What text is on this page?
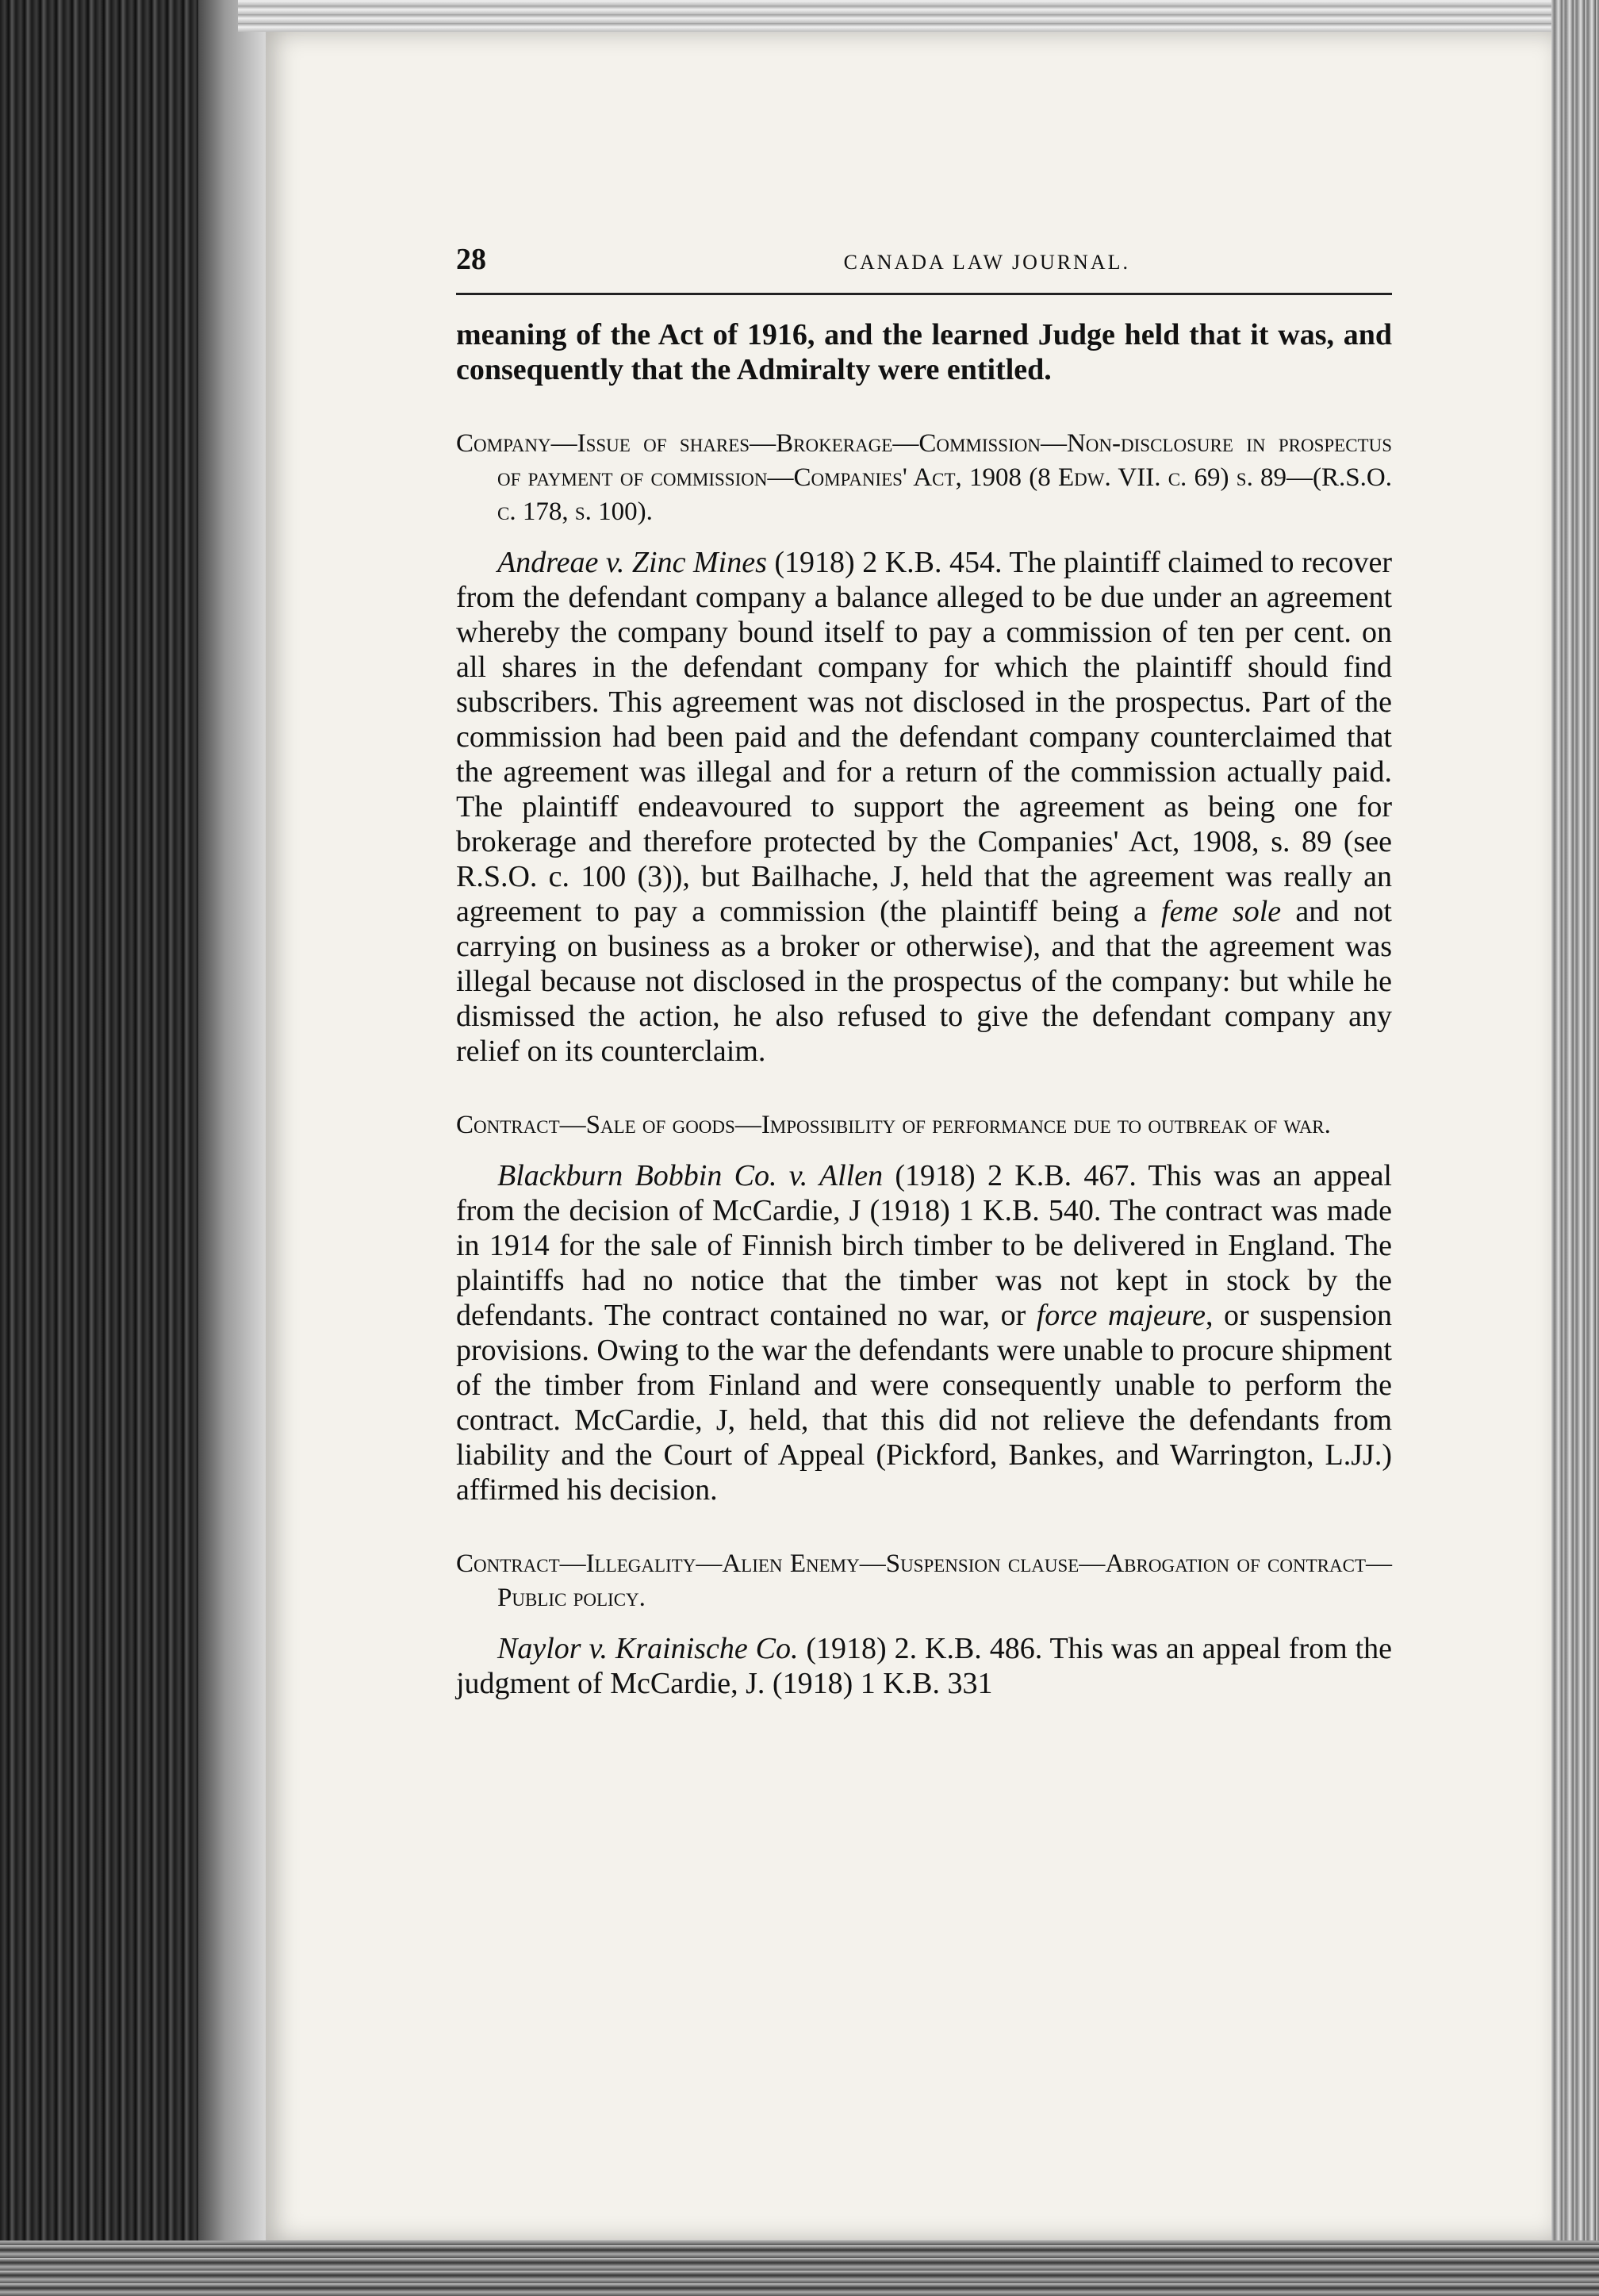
28	CANADA LAW JOURNAL.

meaning of the Act of 1916, and the learned Judge held that it was, and consequently that the Admiralty were entitled.

Company—Issue of shares—Brokerage—Commission—Non-disclosure in prospectus of payment of commission—Companies' Act, 1908 (8 Edw. VII. c. 69) s. 89—(R.S.O. c. 178, s. 100).

Andreae v. Zinc Mines (1918) 2 K.B. 454. The plaintiff claimed to recover from the defendant company a balance alleged to be due under an agreement whereby the company bound itself to pay a commission of ten per cent. on all shares in the defendant company for which the plaintiff should find subscribers. This agreement was not disclosed in the prospectus. Part of the commission had been paid and the defendant company counterclaimed that the agreement was illegal and for a return of the commission actually paid. The plaintiff endeavoured to support the agreement as being one for brokerage and therefore protected by the Companies' Act, 1908, s. 89 (see R.S.O. c. 100 (3)), but Bailhache, J, held that the agreement was really an agreement to pay a commission (the plaintiff being a feme sole and not carrying on business as a broker or otherwise), and that the agreement was illegal because not disclosed in the prospectus of the company: but while he dismissed the action, he also refused to give the defendant company any relief on its counterclaim.

Contract—Sale of goods—Impossibility of performance due to outbreak of war.

Blackburn Bobbin Co. v. Allen (1918) 2 K.B. 467. This was an appeal from the decision of McCardie, J (1918) 1 K.B. 540. The contract was made in 1914 for the sale of Finnish birch timber to be delivered in England. The plaintiffs had no notice that the timber was not kept in stock by the defendants. The contract contained no war, or force majeure, or suspension provisions. Owing to the war the defendants were unable to procure shipment of the timber from Finland and were consequently unable to perform the contract. McCardie, J, held, that this did not relieve the defendants from liability and the Court of Appeal (Pickford, Bankes, and Warrington, L.JJ.) affirmed his decision.

Contract—Illegality—Alien Enemy—Suspension clause—Abrogation of contract—Public policy.

Naylor v. Krainische Co. (1918) 2. K.B. 486. This was an appeal from the judgment of McCardie, J. (1918) 1 K.B. 331
